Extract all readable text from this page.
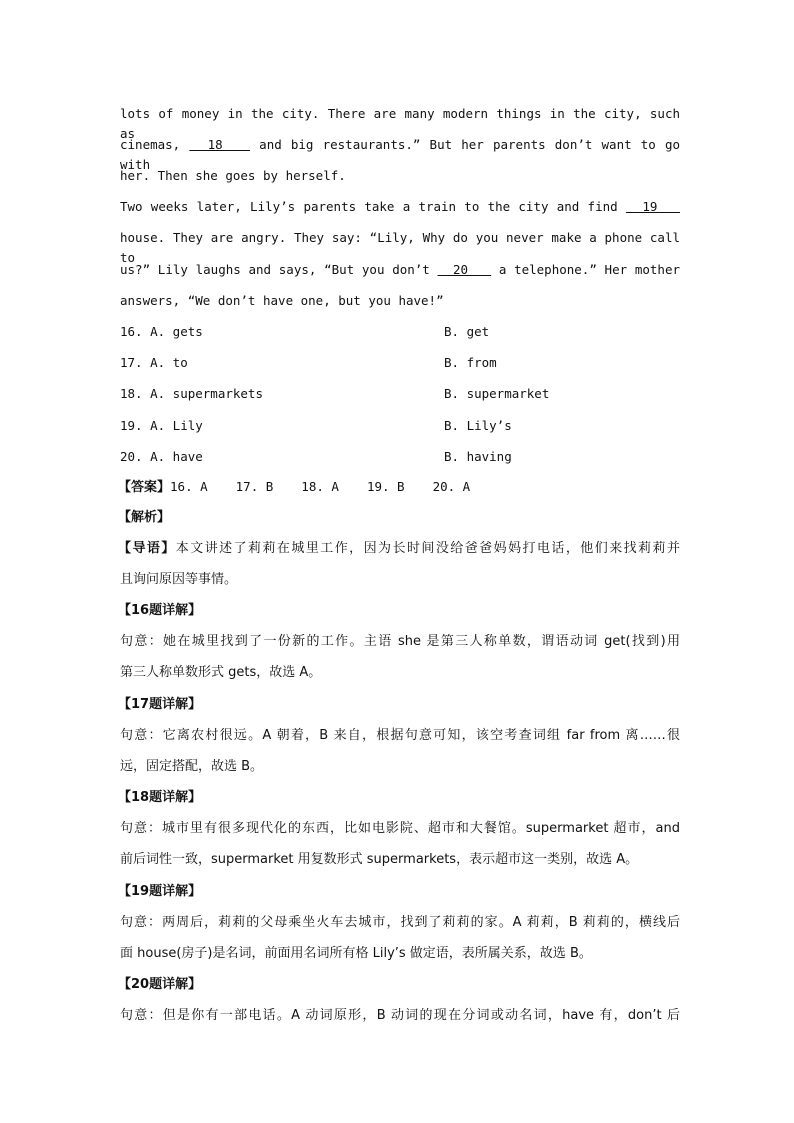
lots of money in the city. There are many modern things in the city, such as
cinemas,   18    and big restaurants.” But her parents don’t want to go with
her. Then she goes by herself.
Two weeks later, Lily’s parents take a train to the city and find   19
house. They are angry. They say: “Lily, Why do you never make a phone call to
us?” Lily laughs and says, “But you don’t   20    a telephone.” Her mother
answers, “We don’t have one, but you have!”
16. A. gets	B. get
17. A. to	B. from
18. A. supermarkets	B. supermarket
19. A. Lily	B. Lily’s
20. A. have	B. having
【答案】16. A 17. B 18. A 19. B 20. A
【解析】
【导语】本文讲述了莉莉在城里工作，因为长时间没给爸爸妈妈打电话，他们来找莉莉并
且询问原因等事情。
【16题详解】
句意：她在城里找到了一份新的工作。主语 she 是第三人称单数，谓语动词 get(找到)用
第三人称单数形式 gets，故选 A。
【17题详解】
句意：它离农村很远。A 朝着，B 来自，根据句意可知，该空考查词组 far from 离……很
远，固定搭配，故选 B。
【18题详解】
句意：城市里有很多现代化的东西，比如电影院、超市和大餐馆。supermarket 超市，and
前后词性一致，supermarket 用复数形式 supermarkets，表示超市这一类别，故选 A。
【19题详解】
句意：两周后，莉莉的父母乘坐火车去城市，找到了莉莉的家。A 莉莉，B 莉莉的，横线后
面 house(房子)是名词，前面用名词所有格 Lily’s 做定语，表所属关系，故选 B。
【20题详解】
句意：但是你有一部电话。A 动词原形，B 动词的现在分词或动名词，have 有，don’t 后
